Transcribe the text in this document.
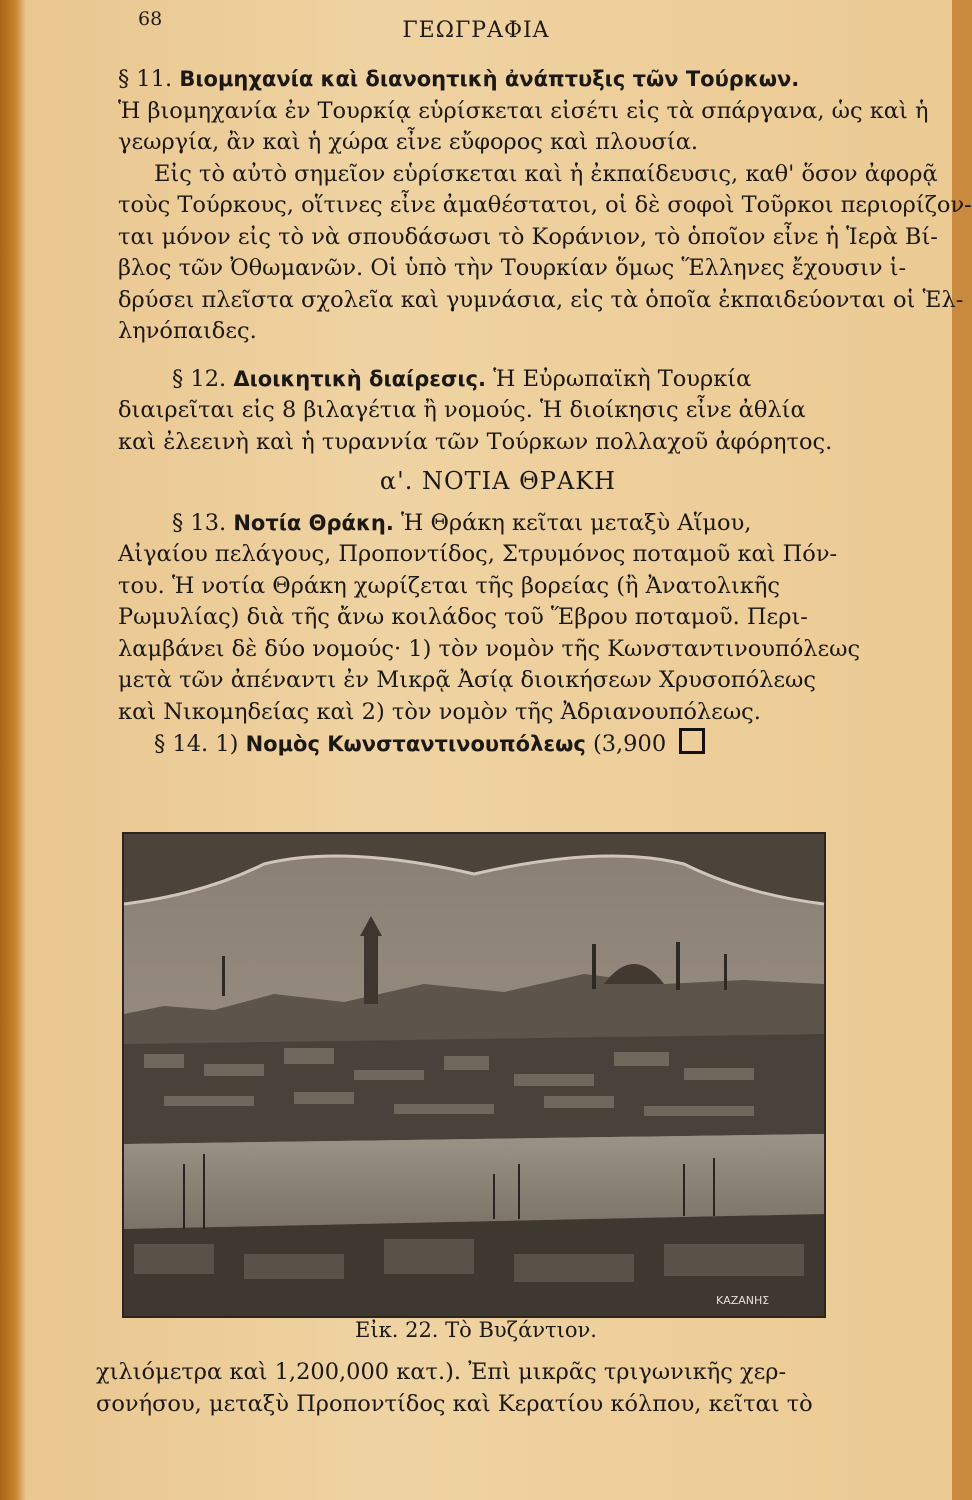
68	ΓΕΩΓΡΑΦΙΑ
§ 11. Βιομηχανία καὶ διανοητικὴ ἀνάπτυξις τῶν Τούρκων.
Ἡ βιομηχανία ἐν Τουρκίᾳ εὑρίσκεται εἰσέτι εἰς τὰ σπάργανα, ὡς καὶ ἡ
γεωργία, ἂν καὶ ἡ χώρα εἶνε εὔφορος καὶ πλουσία.
Εἰς τὸ αὐτὸ σημεῖον εὑρίσκεται καὶ ἡ ἐκπαίδευσις, καθ' ὅσον ἀφορᾷ
τοὺς Τούρκους, οἵτινες εἶνε ἀμαθέστατοι, οἱ δὲ σοφοὶ Τοῦρκοι περιορίζον-
ται μόνον εἰς τὸ νὰ σπουδάσωσι τὸ Κοράνιον, τὸ ὁποῖον εἶνε ἡ Ἱερὰ Βί-
βλος τῶν Ὀθωμανῶν. Οἱ ὑπὸ τὴν Τουρκίαν ὅμως Ἕλληνες ἔχουσιν ἱ-
δρύσει πλεῖστα σχολεῖα καὶ γυμνάσια, εἰς τὰ ὁποῖα ἐκπαιδεύονται οἱ Ἑλ-
ληνόπαιδες.
§ 12. Διοικητικὴ διαίρεσις. Ἡ Εὐρωπαϊκὴ Τουρκία
διαιρεῖται εἰς 8 βιλαγέτια ἢ νομούς. Ἡ διοίκησις εἶνε ἀθλία
καὶ ἐλεεινὴ καὶ ἡ τυραννία τῶν Τούρκων πολλαχοῦ ἀφόρητος.
α'. ΝΟΤΙΑ ΘΡΑΚΗ
§ 13. Νοτία Θράκη. Ἡ Θράκη κεῖται μεταξὺ Αἵμου,
Αἰγαίου πελάγους, Προποντίδος, Στρυμόνος ποταμοῦ καὶ Πόν-
του. Ἡ νοτία Θράκη χωρίζεται τῆς βορείας (ἢ Ἀνατολικῆς
Ρωμυλίας) διὰ τῆς ἄνω κοιλάδος τοῦ Ἕβρου ποταμοῦ. Περι-
λαμβάνει δὲ δύο νομούς· 1) τὸν νομὸν τῆς Κωνσταντινουπόλεως
μετὰ τῶν ἀπέναντι ἐν Μικρᾷ Ἀσίᾳ διοικήσεων Χρυσοπόλεως
καὶ Νικομηδείας καὶ 2) τὸν νομὸν τῆς Ἀδριανουπόλεως.
§ 14. 1) Νομὸς Κωνσταντινουπόλεως (3,900
ΚΑΖΑΝΗΣ
Εἰκ. 22. Τὸ Βυζάντιον.
χιλιόμετρα καὶ 1,200,000 κατ.). Ἐπὶ μικρᾶς τριγωνικῆς χερ-
σονήσου, μεταξὺ Προποντίδος καὶ Κερατίου κόλπου, κεῖται τὸ
